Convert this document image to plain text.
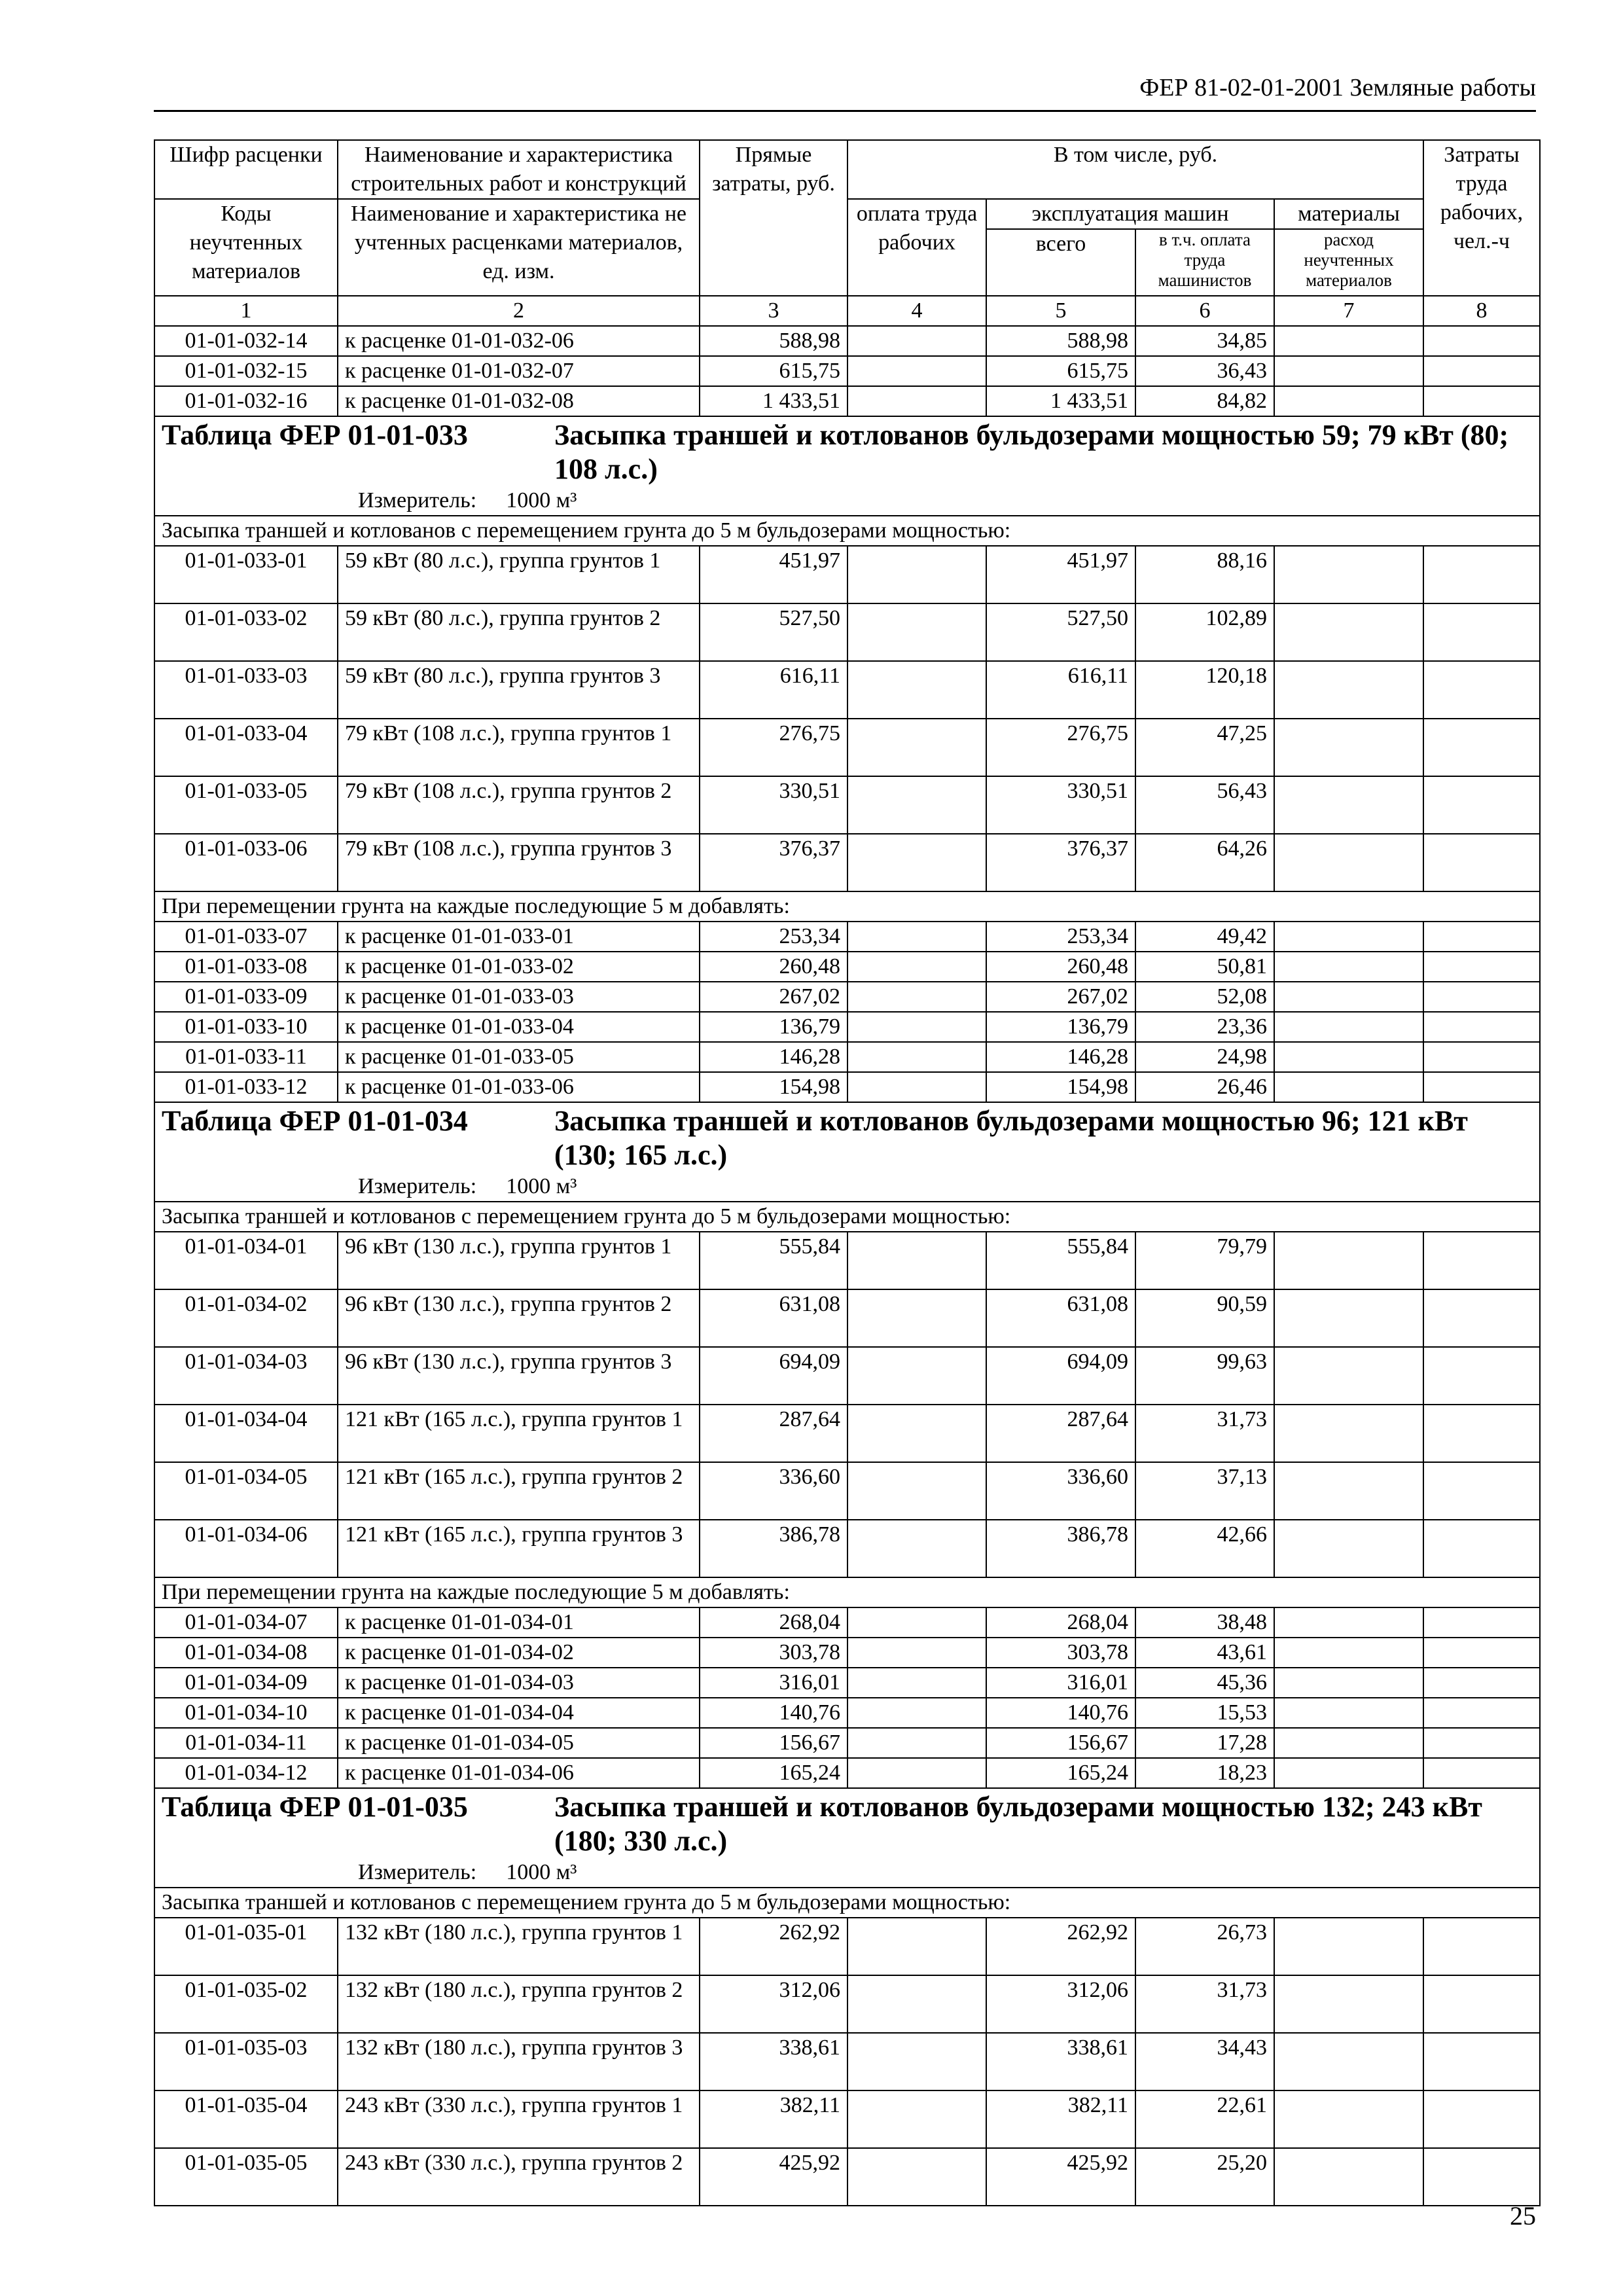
ФЕР 81-02-01-2001 Земляные работы
Шифр расценки	Наименование и характеристика строительных работ и конструкций	Прямые затраты, руб.	В том числе, руб.				Затраты труда рабочих, чел.-ч
Коды неучтенных материалов	Наименование и характеристика не учтенных расценками материалов, ед. изм.		оплата труда рабочих	эксплуатация машин		материалы	
				всего	в т.ч. оплата труда машинистов	расход неучтенных материалов	
1	2	3	4	5	6	7	8
01-01-032-14	к расценке 01-01-032-06	588,98		588,98	34,85		
01-01-032-15	к расценке 01-01-032-07	615,75		615,75	36,43		
01-01-032-16	к расценке 01-01-032-08	1 433,51		1 433,51	84,82		
Таблица ФЕР 01-01-033 Засыпка траншей и котлованов бульдозерами мощностью 59; 79 кВт (80; 108 л.с.)							

Измеритель: 1000 м³							

Засыпка траншей и котлованов с перемещением грунта до 5 м бульдозерами мощностью:							
01-01-033-01	59 кВт (80 л.с.), группа грунтов 1	451,97		451,97	88,16		
01-01-033-02	59 кВт (80 л.с.), группа грунтов 2	527,50		527,50	102,89		
01-01-033-03	59 кВт (80 л.с.), группа грунтов 3	616,11		616,11	120,18		
01-01-033-04	79 кВт (108 л.с.), группа грунтов 1	276,75		276,75	47,25		
01-01-033-05	79 кВт (108 л.с.), группа грунтов 2	330,51		330,51	56,43		
01-01-033-06	79 кВт (108 л.с.), группа грунтов 3	376,37		376,37	64,26		
При перемещении грунта на каждые последующие 5 м добавлять:							
01-01-033-07	к расценке 01-01-033-01	253,34		253,34	49,42		
01-01-033-08	к расценке 01-01-033-02	260,48		260,48	50,81		
01-01-033-09	к расценке 01-01-033-03	267,02		267,02	52,08		
01-01-033-10	к расценке 01-01-033-04	136,79		136,79	23,36		
01-01-033-11	к расценке 01-01-033-05	146,28		146,28	24,98		
01-01-033-12	к расценке 01-01-033-06	154,98		154,98	26,46		
Таблица ФЕР 01-01-034 Засыпка траншей и котлованов бульдозерами мощностью 96; 121 кВт (130; 165 л.с.)							

Измеритель: 1000 м³							

Засыпка траншей и котлованов с перемещением грунта до 5 м бульдозерами мощностью:							
01-01-034-01	96 кВт (130 л.с.), группа грунтов 1	555,84		555,84	79,79		
01-01-034-02	96 кВт (130 л.с.), группа грунтов 2	631,08		631,08	90,59		
01-01-034-03	96 кВт (130 л.с.), группа грунтов 3	694,09		694,09	99,63		
01-01-034-04	121 кВт (165 л.с.), группа грунтов 1	287,64		287,64	31,73		
01-01-034-05	121 кВт (165 л.с.), группа грунтов 2	336,60		336,60	37,13		
01-01-034-06	121 кВт (165 л.с.), группа грунтов 3	386,78		386,78	42,66		
При перемещении грунта на каждые последующие 5 м добавлять:							
01-01-034-07	к расценке 01-01-034-01	268,04		268,04	38,48		
01-01-034-08	к расценке 01-01-034-02	303,78		303,78	43,61		
01-01-034-09	к расценке 01-01-034-03	316,01		316,01	45,36		
01-01-034-10	к расценке 01-01-034-04	140,76		140,76	15,53		
01-01-034-11	к расценке 01-01-034-05	156,67		156,67	17,28		
01-01-034-12	к расценке 01-01-034-06	165,24		165,24	18,23		
Таблица ФЕР 01-01-035 Засыпка траншей и котлованов бульдозерами мощностью 132; 243 кВт (180; 330 л.с.)							

Измеритель: 1000 м³							

Засыпка траншей и котлованов с перемещением грунта до 5 м бульдозерами мощностью:							
01-01-035-01	132 кВт (180 л.с.), группа грунтов 1	262,92		262,92	26,73		
01-01-035-02	132 кВт (180 л.с.), группа грунтов 2	312,06		312,06	31,73		
01-01-035-03	132 кВт (180 л.с.), группа грунтов 3	338,61		338,61	34,43		
01-01-035-04	243 кВт (330 л.с.), группа грунтов 1	382,11		382,11	22,61		
01-01-035-05	243 кВт (330 л.с.), группа грунтов 2	425,92		425,92	25,20		
25
